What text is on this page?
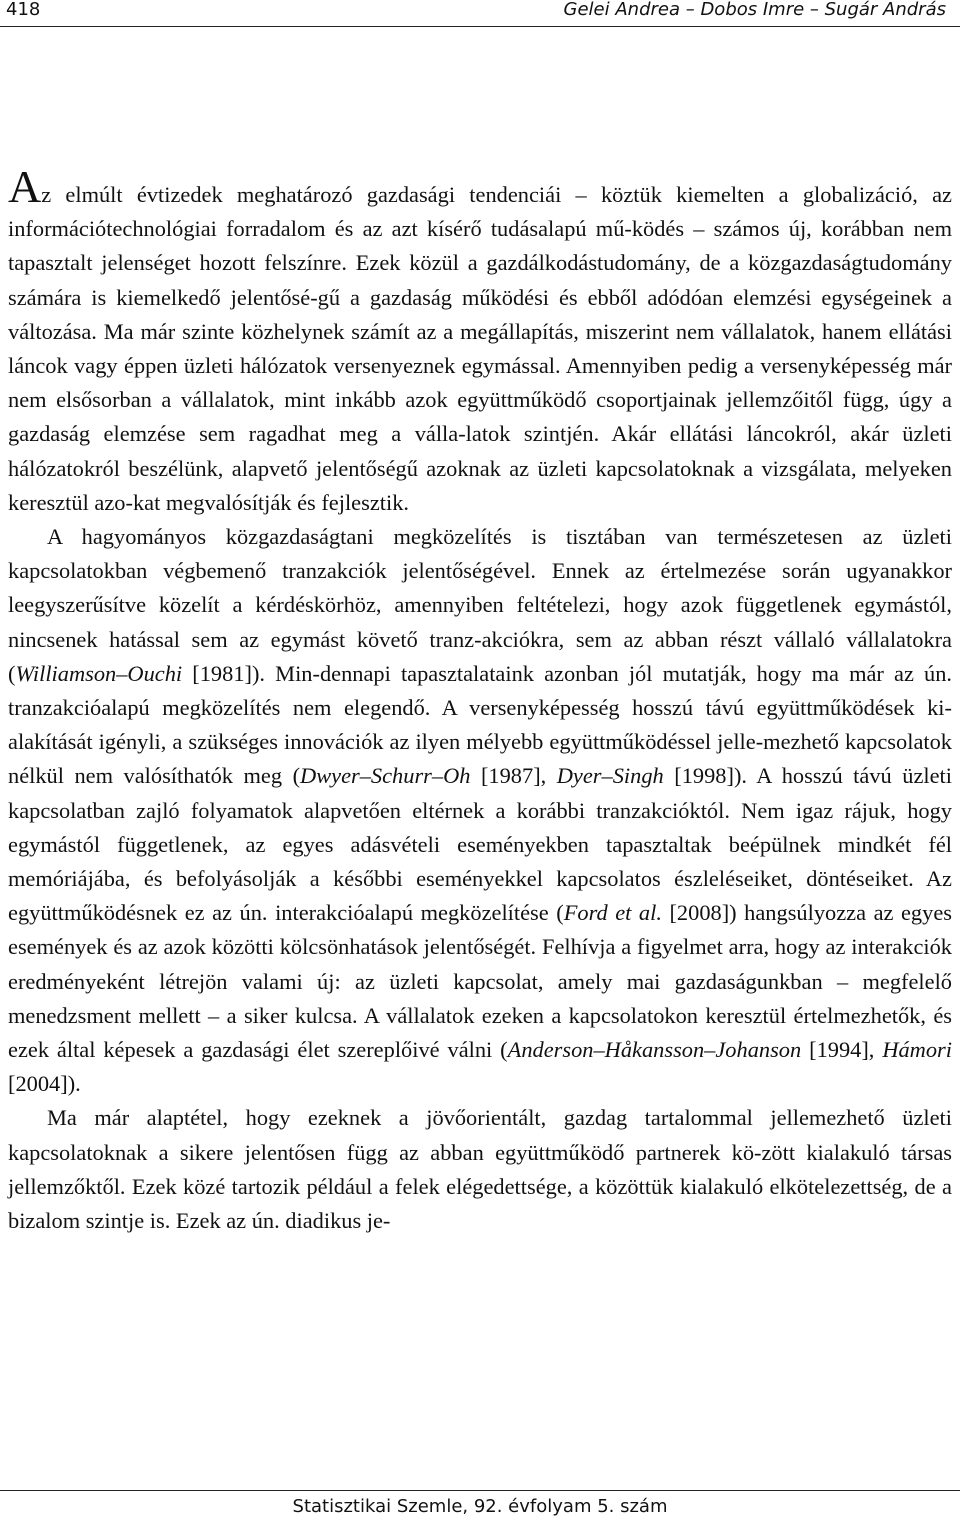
418	Gelei Andrea – Dobos Imre – Sugár András

Az elmúlt évtizedek meghatározó gazdasági tendenciái – köztük kiemelten a globalizáció, az információtechnológiai forradalom és az azt kísérő tudásalapú mű-ködés – számos új, korábban nem tapasztalt jelenséget hozott felszínre. Ezek közül a gazdálkodástudomány, de a közgazdaságtudomány számára is kiemelkedő jelentősé-gű a gazdaság működési és ebből adódóan elemzési egységeinek a változása. Ma már szinte közhelynek számít az a megállapítás, miszerint nem vállalatok, hanem ellátási láncok vagy éppen üzleti hálózatok versenyeznek egymással. Amennyiben pedig a versenyképesség már nem elsősorban a vállalatok, mint inkább azok együttműködő csoportjainak jellemzőitől függ, úgy a gazdaság elemzése sem ragadhat meg a válla-latok szintjén. Akár ellátási láncokról, akár üzleti hálózatokról beszélünk, alapvető jelentőségű azoknak az üzleti kapcsolatoknak a vizsgálata, melyeken keresztül azo-kat megvalósítják és fejlesztik.

A hagyományos közgazdaságtani megközelítés is tisztában van természetesen az üzleti kapcsolatokban végbemenő tranzakciók jelentőségével. Ennek az értelmezése során ugyanakkor leegyszerűsítve közelít a kérdéskörhöz, amennyiben feltételezi, hogy azok függetlenek egymástól, nincsenek hatással sem az egymást követő tranz-akciókra, sem az abban részt vállaló vállalatokra (Williamson–Ouchi [1981]). Min-dennapi tapasztalataink azonban jól mutatják, hogy ma már az ún. tranzakcióalapú megközelítés nem elegendő. A versenyképesség hosszú távú együttműködések ki-alakítását igényli, a szükséges innovációk az ilyen mélyebb együttműködéssel jelle-mezhető kapcsolatok nélkül nem valósíthatók meg (Dwyer–Schurr–Oh [1987], Dyer–Singh [1998]). A hosszú távú üzleti kapcsolatban zajló folyamatok alapvetően eltérnek a korábbi tranzakcióktól. Nem igaz rájuk, hogy egymástól függetlenek, az egyes adásvételi eseményekben tapasztaltak beépülnek mindkét fél memóriájába, és befolyásolják a későbbi eseményekkel kapcsolatos észleléseiket, döntéseiket. Az együttműködésnek ez az ún. interakcióalapú megközelítése (Ford et al. [2008]) hangsúlyozza az egyes események és az azok közötti kölcsönhatások jelentőségét. Felhívja a figyelmet arra, hogy az interakciók eredményeként létrejön valami új: az üzleti kapcsolat, amely mai gazdaságunkban – megfelelő menedzsment mellett – a siker kulcsa. A vállalatok ezeken a kapcsolatokon keresztül értelmezhetők, és ezek által képesek a gazdasági élet szereplőivé válni (Anderson–Håkansson–Johanson [1994], Hámori [2004]).

Ma már alaptétel, hogy ezeknek a jövőorientált, gazdag tartalommal jellemezhető üzleti kapcsolatoknak a sikere jelentősen függ az abban együttműködő partnerek kö-zött kialakuló társas jellemzőktől. Ezek közé tartozik például a felek elégedettsége, a közöttük kialakuló elkötelezettség, de a bizalom szintje is. Ezek az ún. diadikus je-

Statisztikai Szemle, 92. évfolyam 5. szám
